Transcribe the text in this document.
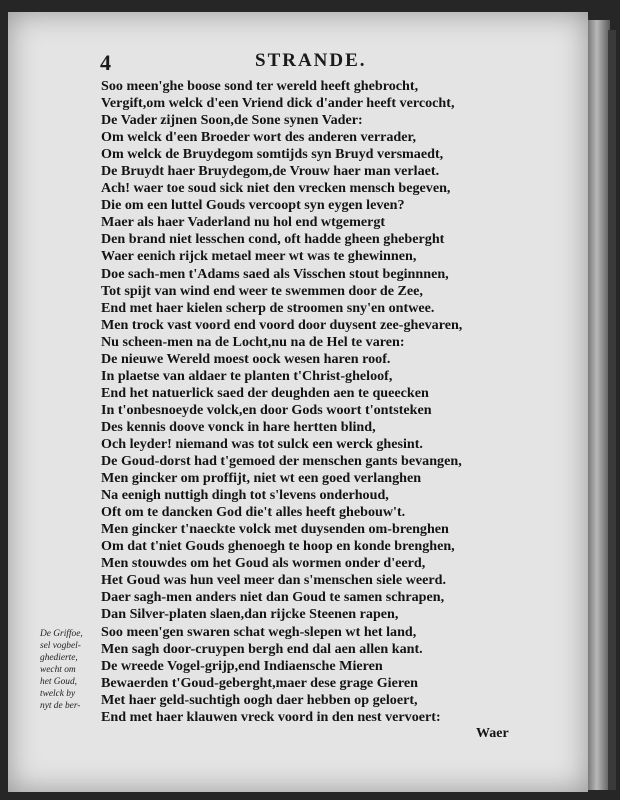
4	STRANDE.
Soo meen'ghe boose sond ter wereld heeft ghebrocht,
Vergift,om welck d'een Vriend dick d'ander heeft vercocht,
De Vader zijnen Soon,de Sone synen Vader:
Om welck d'een Broeder wort des anderen verrader,
Om welck de Bruydegom somtijds syn Bruyd versmaedt,
De Bruydt haer Bruydegom,de Vrouw haer man verlaet.
Ach! waer toe soud sick niet den vrecken mensch begeven,
Die om een luttel Gouds vercoopt syn eygen leven?
Maer als haer Vaderland nu hol end wtgemergt
Den brand niet lesschen cond, oft hadde gheen gheberght
Waer eenich rijck metael meer wt was te ghewinnen,
Doe sach-men t'Adams saed als Visschen stout beginnnen,
Tot spijt van wind end weer te swemmen door de Zee,
End met haer kielen scherp de stroomen sny'en ontwee.
Men trock vast voord end voord door duysent zee-ghevaren,
Nu scheen-men na de Locht,nu na de Hel te varen:
De nieuwe Wereld moest oock wesen haren roof.
In plaetse van aldaer te planten t'Christ-gheloof,
End het natuerlick saed der deughden aen te queecken
In t'onbesnoeyde volck,en door Gods woort t'ontsteken
Des kennis doove vonck in hare hertten blind,
Och leyder! niemand was tot sulck een werck ghesint.
De Goud-dorst had t'gemoed der menschen gants bevangen,
Men gincker om proffijt, niet wt een goed verlanghen
Na eenigh nuttigh dingh tot s'levens onderhoud,
Oft om te dancken God die't alles heeft ghebouw't.
Men gincker t'naeckte volck met duysenden om-brenghen
Om dat t'niet Gouds ghenoegh te hoop en konde brenghen,
Men stouwdes om het Goud als wormen onder d'eerd,
Het Goud was hun veel meer dan s'menschen siele weerd.
Daer sagh-men anders niet dan Goud te samen schrapen,
Dan Silver-platen slaen,dan rijcke Steenen rapen,
Soo meen'gen swaren schat wegh-slepen wt het land,
Men sagh door-cruypen bergh end dal aen allen kant.
De wreede Vogel-grijp,end Indiaensche Mieren
Bewaerden t'Goud-geberght,maer dese grage Gieren
Met haer geld-suchtigh oogh daer hebben op geloert,
End met haer klauwen vreck voord in den nest vervoert:
De Griffoe,
sel vogbel-
ghedierte,
wecht om
het Goud,
twelck by
nyt de ber-
Waer
